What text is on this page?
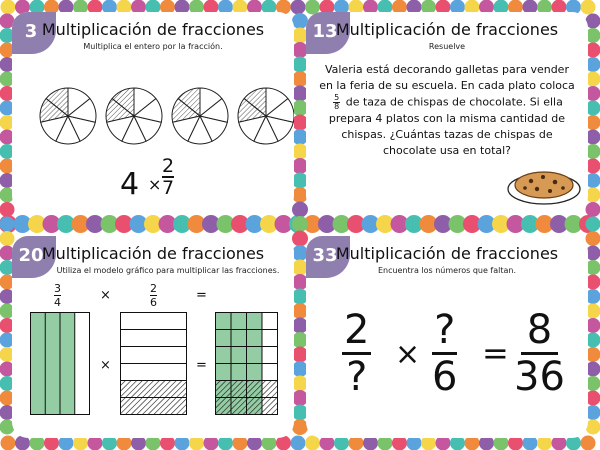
3 Multiplicación de fracciones
Multiplica el entero por la fracción.
$4 \times \frac{2}{7}$
13
Multiplicación de fracciones
Resuelve
Valeria está decorando galletas para vender en la feria de su escuela. En cada plato coloca
$\frac{5}{8}$ de taza de chispas de chocolate. Si ella prepara 4 platos con la misma cantidad de chispas. ¿Cuántas tazas de chispas de chocolate usa en total?
20
Multiplicación de fracciones
Utiliza el modelo gráfico para multiplicar las fracciones.
$\frac{3}{4}$	×	$\frac{2}{6}$	=
×	=
33
Multiplicación de fracciones
Encuentra los números que faltan.
2
? ×
?
6
= $\frac{8}{36}$
